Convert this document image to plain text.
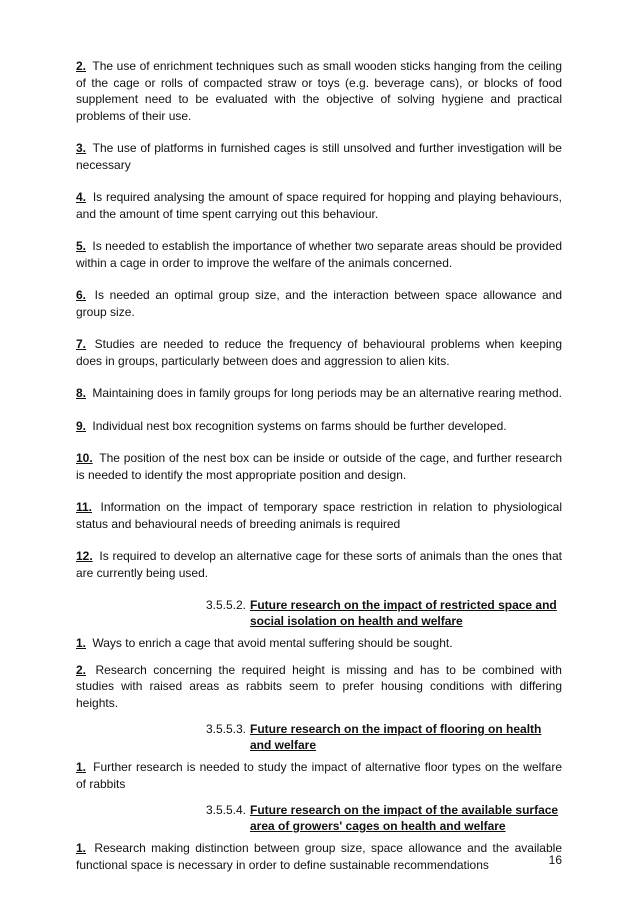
2. The use of enrichment techniques such as small wooden sticks hanging from the ceiling of the cage or rolls of compacted straw or toys (e.g. beverage cans), or blocks of food supplement need to be evaluated with the objective of solving hygiene and practical problems of their use.

3. The use of platforms in furnished cages is still unsolved and further investigation will be necessary

4. Is required analysing the amount of space required for hopping and playing behaviours, and the amount of time spent carrying out this behaviour.

5. Is needed to establish the importance of whether two separate areas should be provided within a cage in order to improve the welfare of the animals concerned.

6. Is needed an optimal group size, and the interaction between space allowance and group size.

7. Studies are needed to reduce the frequency of behavioural problems when keeping does in groups, particularly between does and aggression to alien kits.

8. Maintaining does in family groups for long periods may be an alternative rearing method.

9. Individual nest box recognition systems on farms should be further developed.

10. The position of the nest box can be inside or outside of the cage, and further research is needed to identify the most appropriate position and design.

11. Information on the impact of temporary space restriction in relation to physiological status and behavioural needs of breeding animals is required

12. Is required to develop an alternative cage for these sorts of animals than the ones that are currently being used.

3.5.5.2. Future research on the impact of restricted space and social isolation on health and welfare

1. Ways to enrich a cage that avoid mental suffering should be sought.

2. Research concerning the required height is missing and has to be combined with studies with raised areas as rabbits seem to prefer housing conditions with differing heights.

3.5.5.3. Future research on the impact of flooring on health and welfare

1. Further research is needed to study the impact of alternative floor types on the welfare of rabbits

3.5.5.4. Future research on the impact of the available surface area of growers' cages on health and welfare

1. Research making distinction between group size, space allowance and the available functional space is necessary in order to define sustainable recommendations	16
